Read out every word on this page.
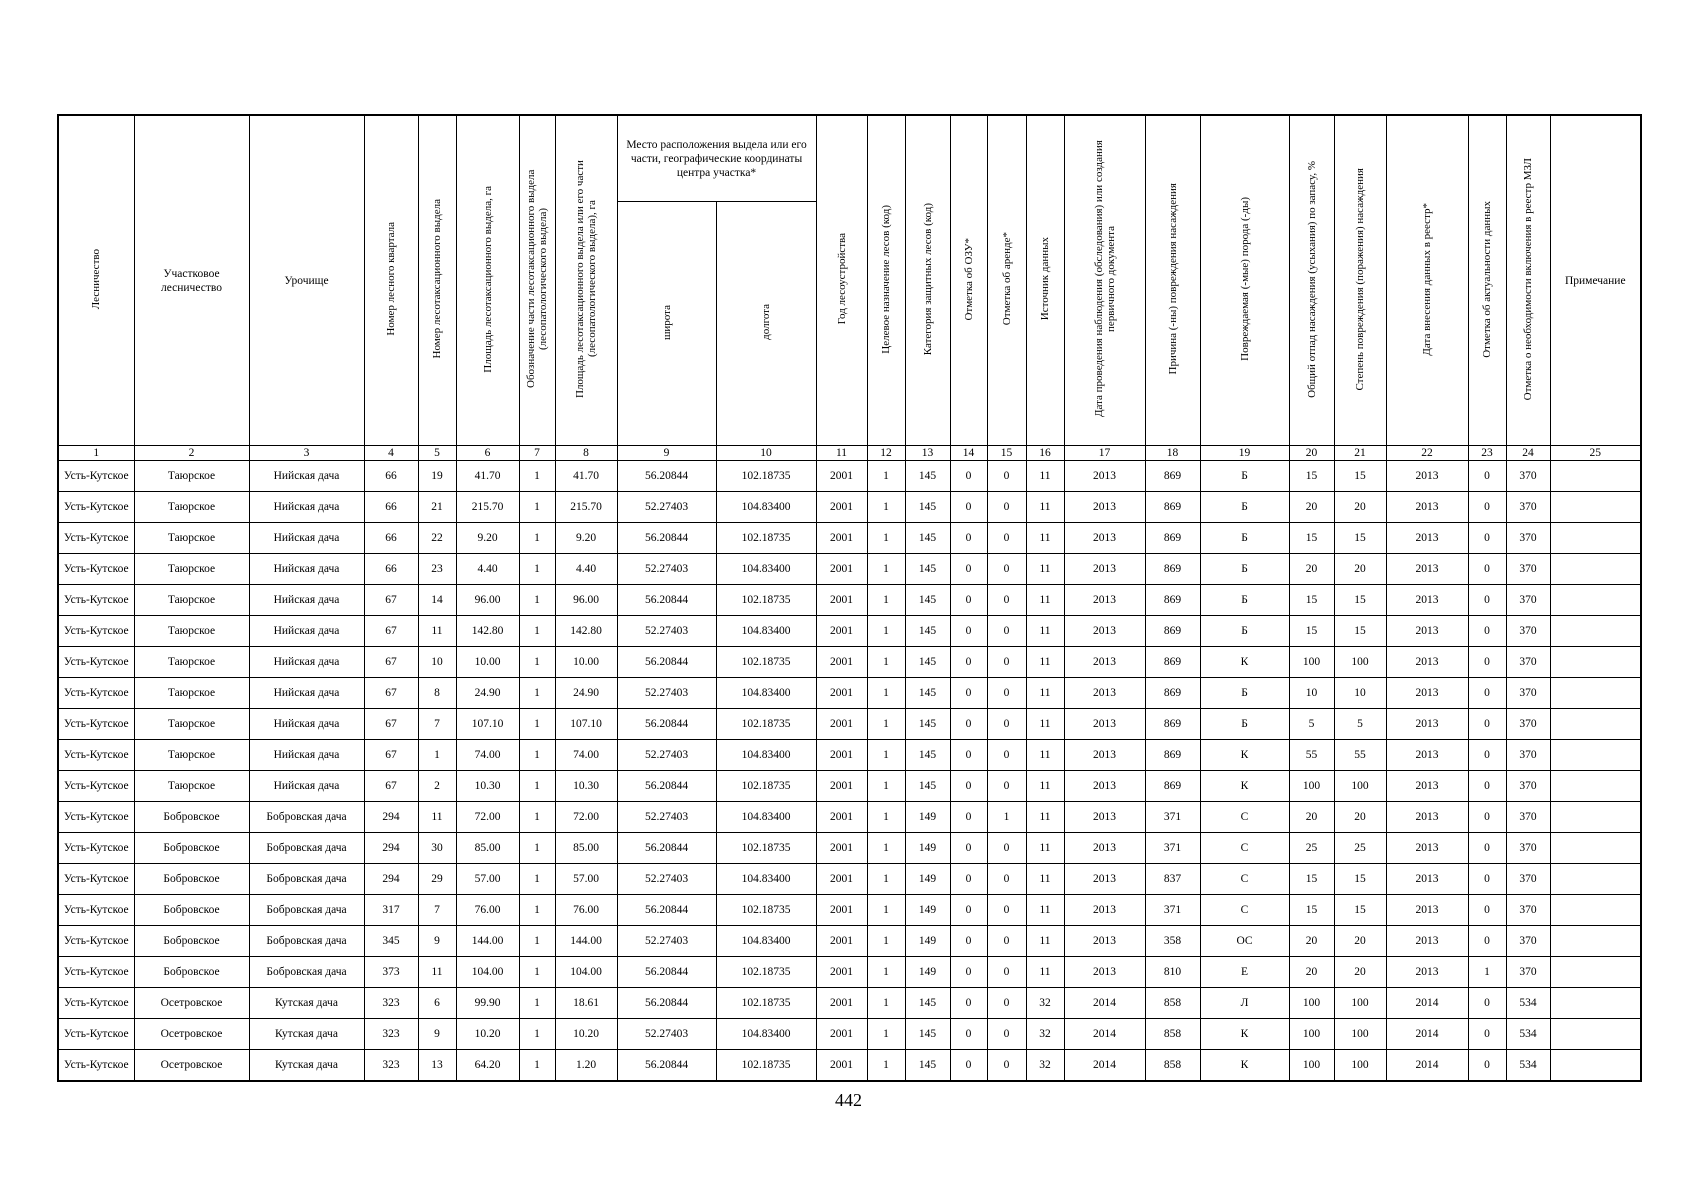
Лесничество	Участковое лесничество	Урочище	Номер лесного квартала	Номер лесотаксационного выдела	Площадь лесотаксационного выдела, га	Обозначение части лесотаксационного выдела (лесопатологического выдела)	Площадь лесотаксационного выдела или его части (лесопатологического выдела), га	Место расположения выдела или его части, географические координаты центра участка*		Год лесоустройства	Целевое назначение лесов (код)	Категория защитных лесов (код)	Отметка об ОЗУ*	Отметка об аренде*	Источник данных	Дата проведения наблюдения (обследования) или создания первичного документа	Причина (-ны) повреждения насаждения	Повреждаемая (-мые) порода (-ды)	Общий отпад насаждения (усыхания) по запасу, %	Степень повреждения (поражения) насаждения	Дата внесения данных в реестр*	Отметка об актуальности данных	Отметка о необходимости включения в реестр МЗЛ	Примечание

								широта	долгота															
1	2	3	4	5	6	7	8	9	10	11	12	13	14	15	16	17	18	19	20	21	22	23	24	25
Усть-Кутское	Таюрское	Нийская дача	66	19	41.70	1	41.70	56.20844	102.18735	2001	1	145	0	0	11	2013	869	Б	15	15	2013	0	370	
Усть-Кутское	Таюрское	Нийская дача	66	21	215.70	1	215.70	52.27403	104.83400	2001	1	145	0	0	11	2013	869	Б	20	20	2013	0	370	
Усть-Кутское	Таюрское	Нийская дача	66	22	9.20	1	9.20	56.20844	102.18735	2001	1	145	0	0	11	2013	869	Б	15	15	2013	0	370	
Усть-Кутское	Таюрское	Нийская дача	66	23	4.40	1	4.40	52.27403	104.83400	2001	1	145	0	0	11	2013	869	Б	20	20	2013	0	370	
Усть-Кутское	Таюрское	Нийская дача	67	14	96.00	1	96.00	56.20844	102.18735	2001	1	145	0	0	11	2013	869	Б	15	15	2013	0	370	
Усть-Кутское	Таюрское	Нийская дача	67	11	142.80	1	142.80	52.27403	104.83400	2001	1	145	0	0	11	2013	869	Б	15	15	2013	0	370	
Усть-Кутское	Таюрское	Нийская дача	67	10	10.00	1	10.00	56.20844	102.18735	2001	1	145	0	0	11	2013	869	К	100	100	2013	0	370	
Усть-Кутское	Таюрское	Нийская дача	67	8	24.90	1	24.90	52.27403	104.83400	2001	1	145	0	0	11	2013	869	Б	10	10	2013	0	370	
Усть-Кутское	Таюрское	Нийская дача	67	7	107.10	1	107.10	56.20844	102.18735	2001	1	145	0	0	11	2013	869	Б	5	5	2013	0	370	
Усть-Кутское	Таюрское	Нийская дача	67	1	74.00	1	74.00	52.27403	104.83400	2001	1	145	0	0	11	2013	869	К	55	55	2013	0	370	
Усть-Кутское	Таюрское	Нийская дача	67	2	10.30	1	10.30	56.20844	102.18735	2001	1	145	0	0	11	2013	869	К	100	100	2013	0	370	
Усть-Кутское	Бобровское	Бобровская дача	294	11	72.00	1	72.00	52.27403	104.83400	2001	1	149	0	1	11	2013	371	С	20	20	2013	0	370	
Усть-Кутское	Бобровское	Бобровская дача	294	30	85.00	1	85.00	56.20844	102.18735	2001	1	149	0	0	11	2013	371	С	25	25	2013	0	370	
Усть-Кутское	Бобровское	Бобровская дача	294	29	57.00	1	57.00	52.27403	104.83400	2001	1	149	0	0	11	2013	837	С	15	15	2013	0	370	
Усть-Кутское	Бобровское	Бобровская дача	317	7	76.00	1	76.00	56.20844	102.18735	2001	1	149	0	0	11	2013	371	С	15	15	2013	0	370	
Усть-Кутское	Бобровское	Бобровская дача	345	9	144.00	1	144.00	52.27403	104.83400	2001	1	149	0	0	11	2013	358	ОС	20	20	2013	0	370	
Усть-Кутское	Бобровское	Бобровская дача	373	11	104.00	1	104.00	56.20844	102.18735	2001	1	149	0	0	11	2013	810	Е	20	20	2013	1	370	
Усть-Кутское	Осетровское	Кутская дача	323	6	99.90	1	18.61	56.20844	102.18735	2001	1	145	0	0	32	2014	858	Л	100	100	2014	0	534	
Усть-Кутское	Осетровское	Кутская дача	323	9	10.20	1	10.20	52.27403	104.83400	2001	1	145	0	0	32	2014	858	К	100	100	2014	0	534	
Усть-Кутское	Осетровское	Кутская дача	323	13	64.20	1	1.20	56.20844	102.18735	2001	1	145	0	0	32	2014	858	К	100	100	2014	0	534	
442
